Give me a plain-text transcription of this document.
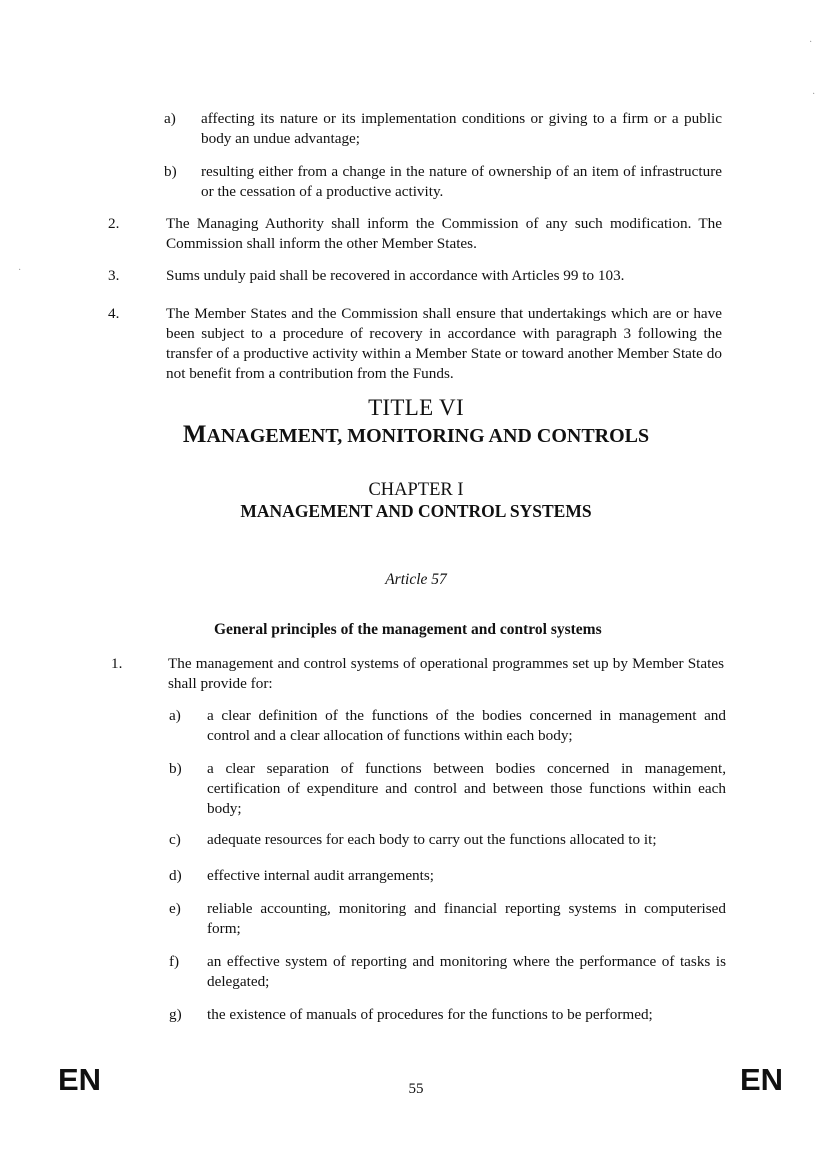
·
·
·
a) affecting its nature or its implementation conditions or giving to a firm or a public body an undue advantage;
b) resulting either from a change in the nature of ownership of an item of infrastructure or the cessation of a productive activity.
2.	The Managing Authority shall inform the Commission of any such modification. The Commission shall inform the other Member States.
3.	Sums unduly paid shall be recovered in accordance with Articles 99 to 103.
4.	The Member States and the Commission shall ensure that undertakings which are or have been subject to a procedure of recovery in accordance with paragraph 3 following the transfer of a productive activity within a Member State or toward another Member State do not benefit from a contribution from the Funds.
TITLE VI
MANAGEMENT, MONITORING AND CONTROLS
CHAPTER I
MANAGEMENT AND CONTROL SYSTEMS
Article 57
General principles of the management and control systems
1.	The management and control systems of operational programmes set up by Member States shall provide for:
a) a clear definition of the functions of the bodies concerned in management and control and a clear allocation of functions within each body;
b) a clear separation of functions between bodies concerned in management, certification of expenditure and control and between those functions within each body;
c) adequate resources for each body to carry out the functions allocated to it;
d) effective internal audit arrangements;
e) reliable accounting, monitoring and financial reporting systems in computerised form;
f) an effective system of reporting and monitoring where the performance of tasks is delegated;
g) the existence of manuals of procedures for the functions to be performed;
EN	55	EN
